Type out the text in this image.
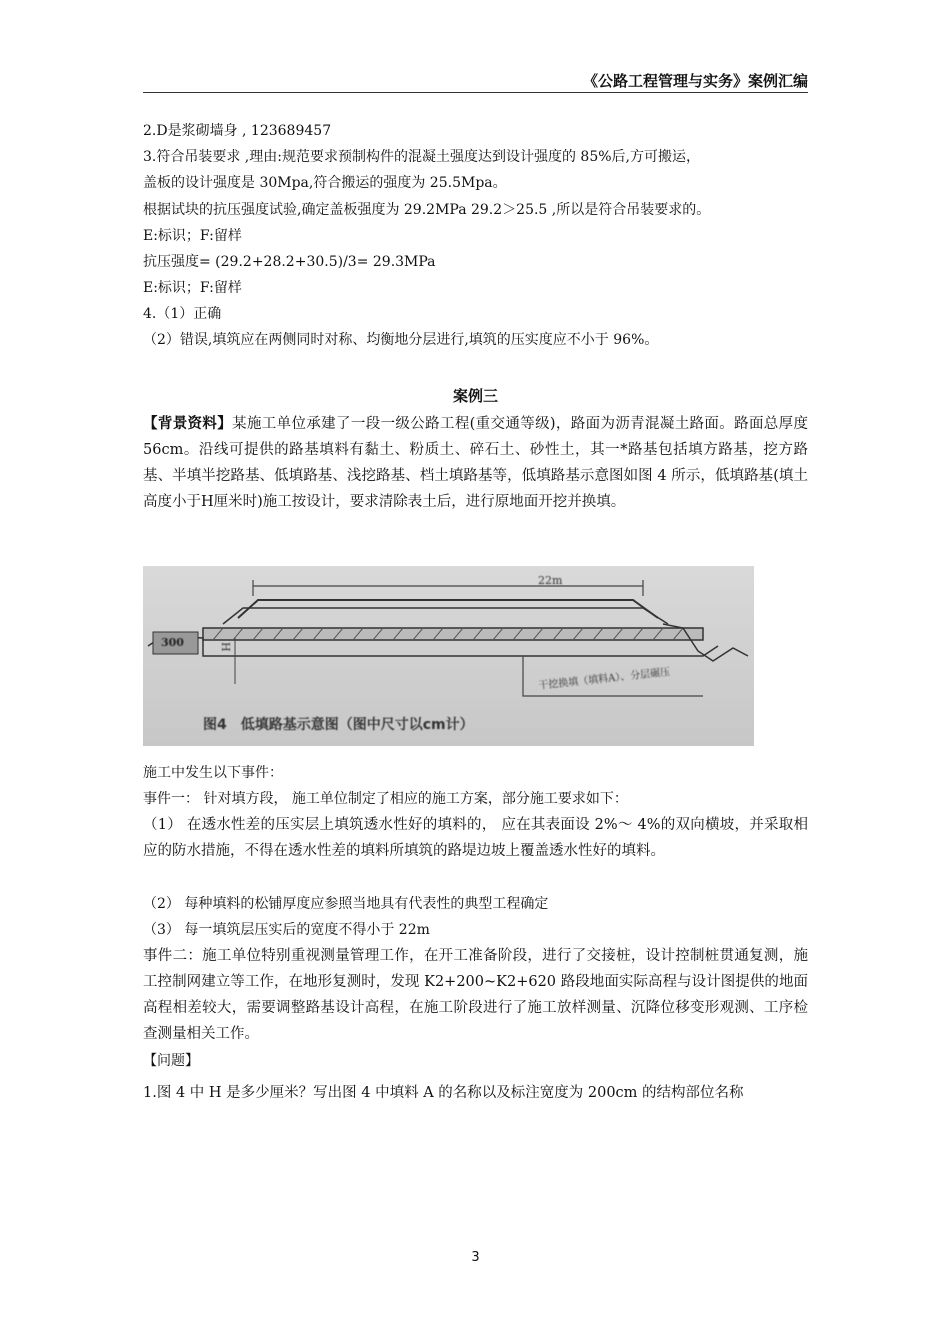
《公路工程管理与实务》案例汇编
2.D是浆砌墙身 , 123689457
3.符合吊装要求 ,理由:规范要求预制构件的混凝土强度达到设计强度的 85%后,方可搬运，
盖板的设计强度是 30Mpa,符合搬运的强度为 25.5Mpa。
根据试块的抗压强度试验,确定盖板强度为 29.2MPa 29.2＞25.5 ,所以是符合吊装要求的。
E:标识；F:留样
抗压强度= (29.2+28.2+30.5)/3= 29.3MPa
E:标识；F:留样
4.（1）正确
（2）错误,填筑应在两侧同时对称、均衡地分层进行,填筑的压实度应不小于 96%。
案例三
【背景资料】某施工单位承建了一段一级公路工程(重交通等级)，路面为沥青混凝土路面。路面总厚度 56cm。沿线可提供的路基填料有黏土、粉质土、碎石土、砂性土，其一*路基包括填方路基，挖方路基、半填半挖路基、低填路基、浅挖路基、档土填路基等，低填路基示意图如图 4 所示，低填路基(填土高度小于H厘米时)施工按设计，要求清除表土后，进行原地面开挖并换填。
22m
300	H
干挖换填（填料A）、分层碾压
图4　低填路基示意图（图中尺寸以cm计）
施工中发生以下事件：
事件一： 针对填方段， 施工单位制定了相应的施工方案，部分施工要求如下：
（1） 在透水性差的压实层上填筑透水性好的填料的， 应在其表面设 2%～ 4%的双向横坡，并采取相应的防水措施，不得在透水性差的填料所填筑的路堤边坡上覆盖透水性好的填料。
（2） 每种填料的松铺厚度应参照当地具有代表性的典型工程确定
（3） 每一填筑层压实后的宽度不得小于 22m
事件二：施工单位特别重视测量管理工作，在开工准备阶段，进行了交接桩，设计控制桩贯通复测，施工控制网建立等工作，在地形复测时，发现 K2+200~K2+620 路段地面实际高程与设计图提供的地面高程相差较大，需要调整路基设计高程，在施工阶段进行了施工放样测量、沉降位移变形观测、工序检查测量相关工作。
【问题】
1.图 4 中 H 是多少厘米？写出图 4 中填料 A 的名称以及标注宽度为 200cm 的结构部位名称
3
